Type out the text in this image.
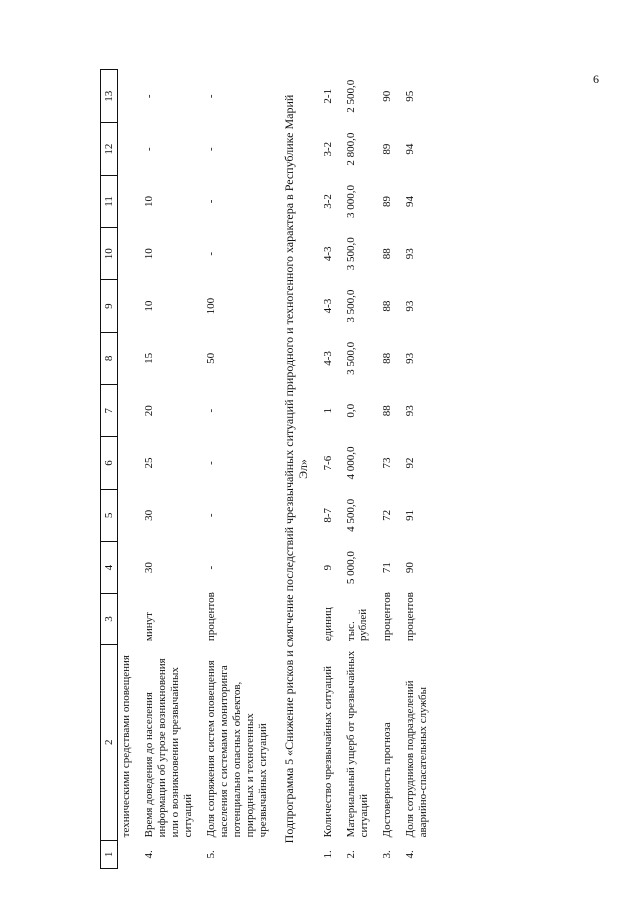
6
1	2	3	4	5	6	7	8	9	10	11	12	13
	техническими средствами оповещения											

4.	Время доведения до населения информации об угрозе возникновения или о возникновении чрезвычайных ситуаций	минут	30	30	25	20	15	10	10	10	-	-

5.	Доля сопряжения систем оповещения населения с системами мониторинга потенциально опасных объектов, природных и техногенных чрезвычайных ситуаций	процентов	-	-	-	-	50	100	-	-	-	-
Подпрограмма 5 «Снижение рисков и смягчение последствий чрезвычайных ситуаций природного и техногенного характера в Республике Марий Эл»												
1.	Количество чрезвычайных ситуаций	единиц	9	8-7	7-6	1	4-3	4-3	4-3	3-2	3-2	2-1

2.	Материальный ущерб от чрезвычайных ситуаций	тыс. рублей	5 000,0	4 500,0	4 000,0	0,0	3 500,0	3 500,0	3 500,0	3 000,0	2 800,0	2 500,0

3.	Достоверность прогноза	процентов	71	72	73	88	88	88	88	89	89	90

4.	Доля сотрудников подразделений аварийно-спасательных службы	процентов	90	91	92	93	93	93	93	94	94	95
